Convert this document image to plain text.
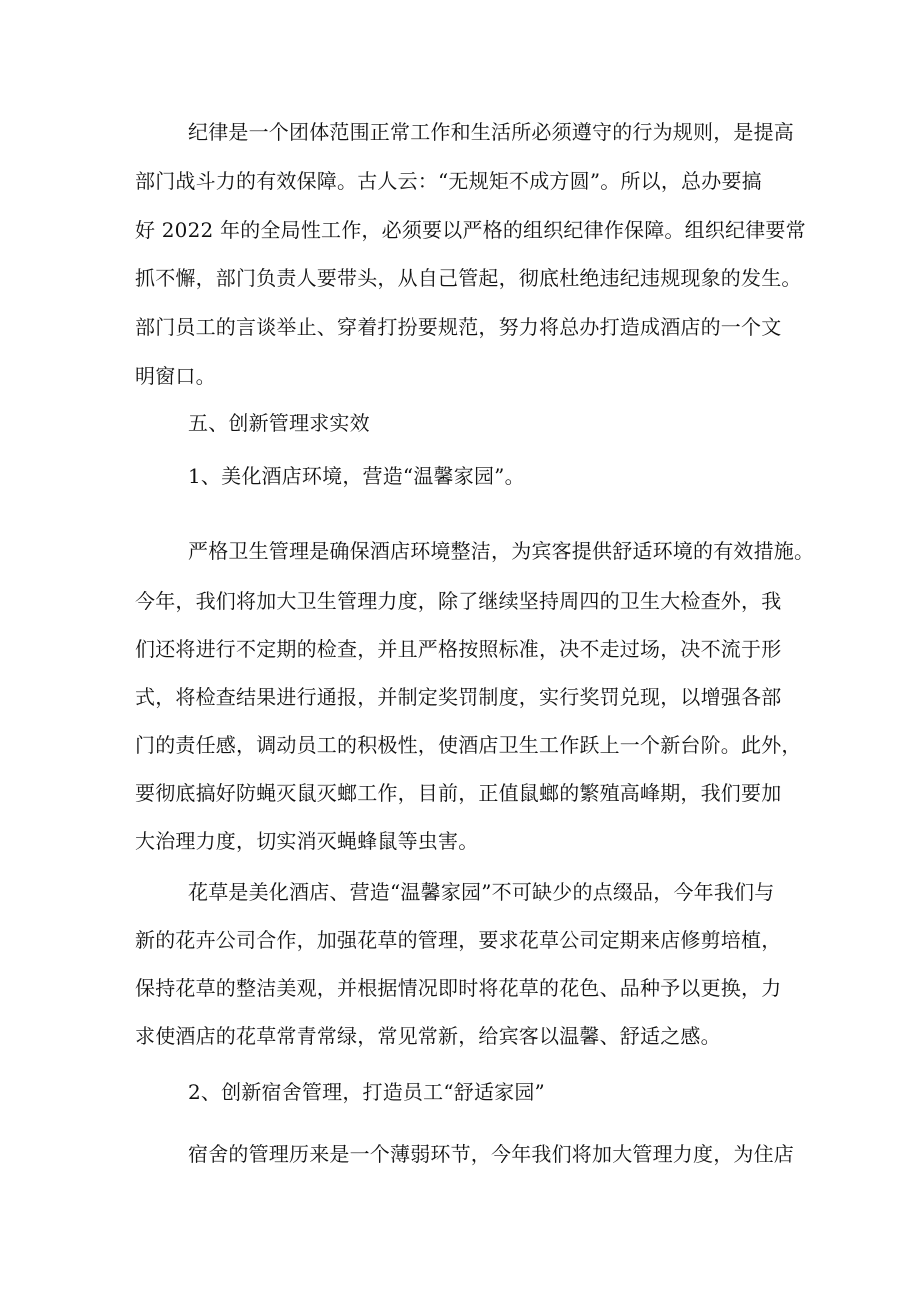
纪律是一个团体范围正常工作和生活所必须遵守的行为规则，是提高
部门战斗力的有效保障。古人云：“无规矩不成方圆”。所以，总办要搞
好 2022 年的全局性工作，必须要以严格的组织纪律作保障。组织纪律要常
抓不懈，部门负责人要带头，从自己管起，彻底杜绝违纪违规现象的发生。
部门员工的言谈举止、穿着打扮要规范，努力将总办打造成酒店的一个文
明窗口。
五、创新管理求实效
1、美化酒店环境，营造“温馨家园”。
严格卫生管理是确保酒店环境整洁，为宾客提供舒适环境的有效措施。
今年，我们将加大卫生管理力度，除了继续坚持周四的卫生大检查外，我
们还将进行不定期的检查，并且严格按照标准，决不走过场，决不流于形
式，将检查结果进行通报，并制定奖罚制度，实行奖罚兑现，以增强各部
门的责任感，调动员工的积极性，使酒店卫生工作跃上一个新台阶。此外，
要彻底搞好防蝇灭鼠灭螂工作，目前，正值鼠螂的繁殖高峰期，我们要加
大治理力度，切实消灭蝇蜂鼠等虫害。
花草是美化酒店、营造“温馨家园”不可缺少的点缀品，今年我们与
新的花卉公司合作，加强花草的管理，要求花草公司定期来店修剪培植，
保持花草的整洁美观，并根据情况即时将花草的花色、品种予以更换，力
求使酒店的花草常青常绿，常见常新，给宾客以温馨、舒适之感。
2、创新宿舍管理，打造员工“舒适家园”
宿舍的管理历来是一个薄弱环节，今年我们将加大管理力度，为住店
